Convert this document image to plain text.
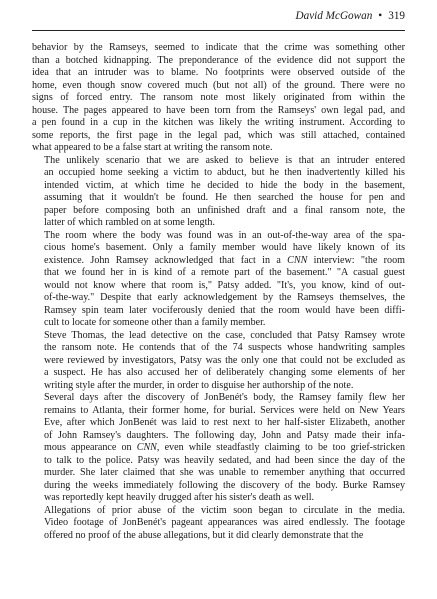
David McGowan • 319

behavior by the Ramseys, seemed to indicate that the crime was something other
than a botched kidnapping. The preponderance of the evidence did not support the
idea that an intruder was to blame. No footprints were observed outside of the
home, even though snow covered much (but not all) of the ground. There were no
signs of forced entry. The ransom note most likely originated from within the
house. The pages appeared to have been torn from the Ramseys' own legal pad, and
a pen found in a cup in the kitchen was likely the writing instrument. According to
some reports, the first page in the legal pad, which was still attached, contained
what appeared to be a false start at writing the ransom note.

The unlikely scenario that we are asked to believe is that an intruder entered
an occupied home seeking a victim to abduct, but he then inadvertently killed his
intended victim, at which time he decided to hide the body in the basement,
assuming that it wouldn't be found. He then searched the house for pen and
paper before composing both an unfinished draft and a final ransom note, the
latter of which rambled on at some length.

The room where the body was found was in an out-of-the-way area of the spa-
cious home's basement. Only a family member would have likely known of its
existence. John Ramsey acknowledged that fact in a CNN interview: "the room
that we found her in is kind of a remote part of the basement." "A casual guest
would not know where that room is," Patsy added. "It's, you know, kind of out-
of-the-way." Despite that early acknowledgement by the Ramseys themselves, the
Ramsey spin team later vociferously denied that the room would have been diffi-
cult to locate for someone other than a family member.

Steve Thomas, the lead detective on the case, concluded that Patsy Ramsey wrote
the ransom note. He contends that of the 74 suspects whose handwriting samples
were reviewed by investigators, Patsy was the only one that could not be excluded as
a suspect. He has also accused her of deliberately changing some elements of her
writing style after the murder, in order to disguise her authorship of the note.

Several days after the discovery of JonBenét's body, the Ramsey family flew her
remains to Atlanta, their former home, for burial. Services were held on New Years
Eve, after which JonBenét was laid to rest next to her half-sister Elizabeth, another
of John Ramsey's daughters. The following day, John and Patsy made their infa-
mous appearance on CNN, even while steadfastly claiming to be too grief-stricken
to talk to the police. Patsy was heavily sedated, and had been since the day of the
murder. She later claimed that she was unable to remember anything that occurred
during the weeks immediately following the discovery of the body. Burke Ramsey
was reportedly kept heavily drugged after his sister's death as well.

Allegations of prior abuse of the victim soon began to circulate in the media.
Video footage of JonBenét's pageant appearances was aired endlessly. The footage
offered no proof of the abuse allegations, but it did clearly demonstrate that the
